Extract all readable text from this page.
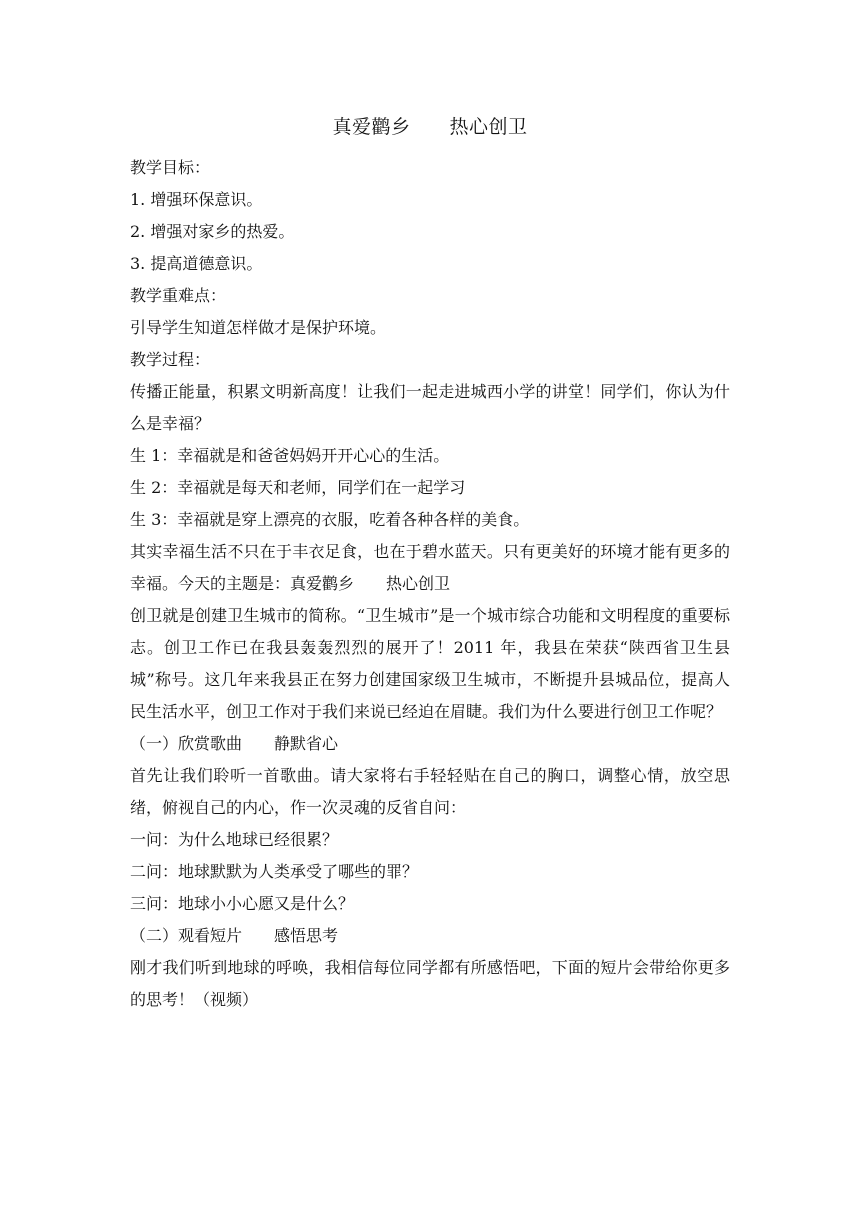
真爱鹳乡　　热心创卫

教学目标：

1. 增强环保意识。

2. 增强对家乡的热爱。

3. 提高道德意识。

教学重难点：

引导学生知道怎样做才是保护环境。

教学过程：

传播正能量，积累文明新高度！让我们一起走进城西小学的讲堂！同学们，你认为什么是幸福？

生 1：幸福就是和爸爸妈妈开开心心的生活。

生 2：幸福就是每天和老师，同学们在一起学习

生 3：幸福就是穿上漂亮的衣服，吃着各种各样的美食。

其实幸福生活不只在于丰衣足食，也在于碧水蓝天。只有更美好的环境才能有更多的幸福。今天的主题是：真爱鹳乡　　热心创卫

创卫就是创建卫生城市的简称。“卫生城市”是一个城市综合功能和文明程度的重要标志。创卫工作已在我县轰轰烈烈的展开了！2011 年，我县在荣获“陕西省卫生县城”称号。这几年来我县正在努力创建国家级卫生城市，不断提升县城品位，提高人民生活水平，创卫工作对于我们来说已经迫在眉睫。我们为什么要进行创卫工作呢？

（一）欣赏歌曲　　静默省心

首先让我们聆听一首歌曲。请大家将右手轻轻贴在自己的胸口，调整心情，放空思绪，俯视自己的内心，作一次灵魂的反省自问：

一问：为什么地球已经很累？

二问：地球默默为人类承受了哪些的罪？

三问：地球小小心愿又是什么？

（二）观看短片　　感悟思考

刚才我们听到地球的呼唤，我相信每位同学都有所感悟吧，下面的短片会带给你更多的思考！（视频）
